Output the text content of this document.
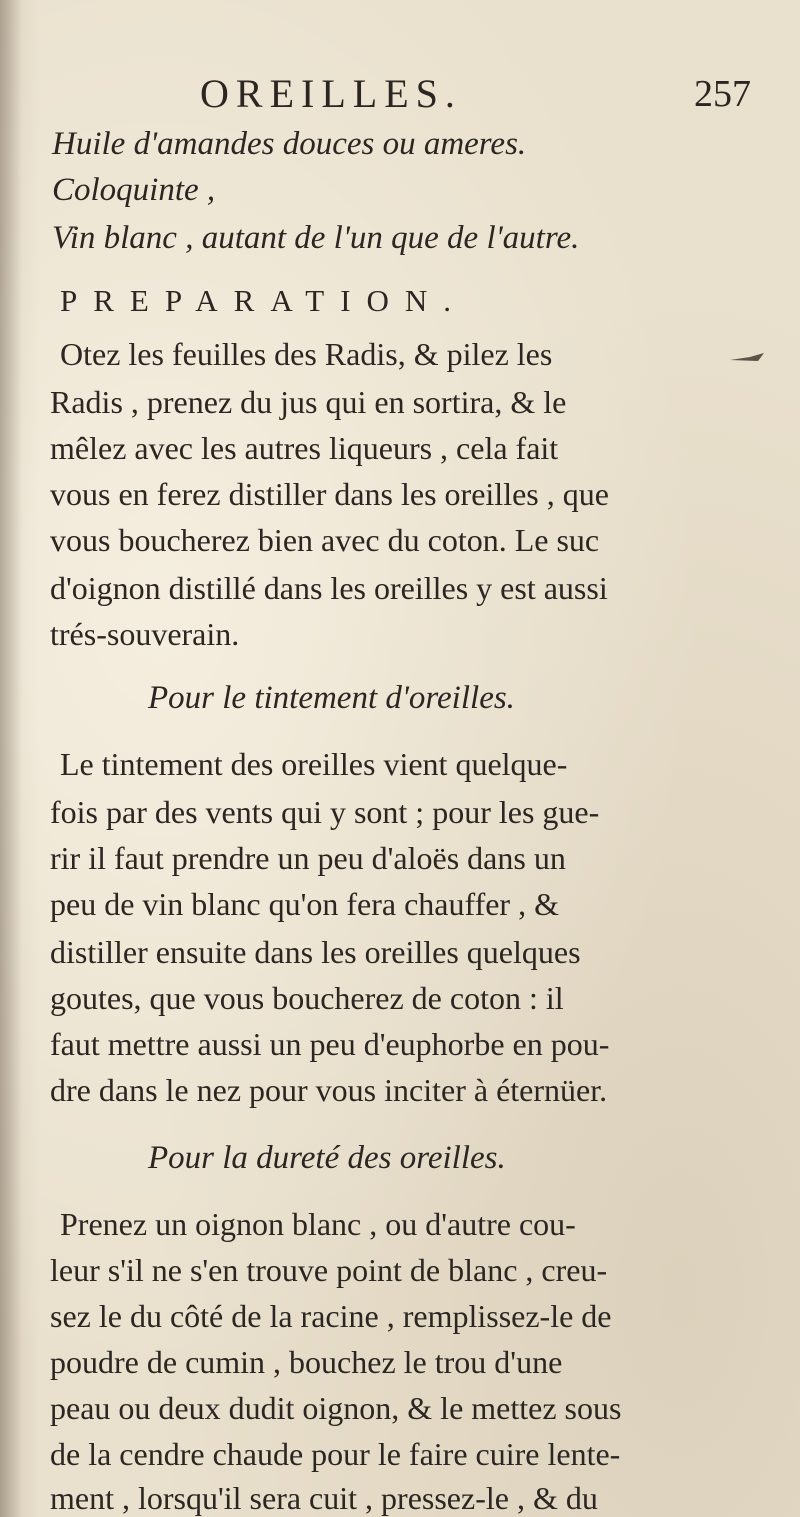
OREILLES.	257
Huile d'amandes douces ou ameres.
Coloquinte ,
Vin blanc , autant de l'un que de l'autre.
PREPARATION.
Otez les feuilles des Radis, & pilez les
Radis , prenez du jus qui en sortira, & le
mêlez avec les autres liqueurs , cela fait
vous en ferez distiller dans les oreilles , que
vous boucherez bien avec du coton. Le suc
d'oignon distillé dans les oreilles y est aussi
trés-souverain.
Pour le tintement d'oreilles.
Le tintement des oreilles vient quelque-
fois par des vents qui y sont ; pour les gue-
rir il faut prendre un peu d'aloës dans un
peu de vin blanc qu'on fera chauffer , &
distiller ensuite dans les oreilles quelques
goutes, que vous boucherez de coton : il
faut mettre aussi un peu d'euphorbe en pou-
dre dans le nez pour vous inciter à éternüer.
Pour la dureté des oreilles.
Prenez un oignon blanc , ou d'autre cou-
leur s'il ne s'en trouve point de blanc , creu-
sez le du côté de la racine , remplissez-le de
poudre de cumin , bouchez le trou d'une
peau ou deux dudit oignon, & le mettez sous
de la cendre chaude pour le faire cuire lente-
ment , lorsqu'il sera cuit , pressez-le , & du
